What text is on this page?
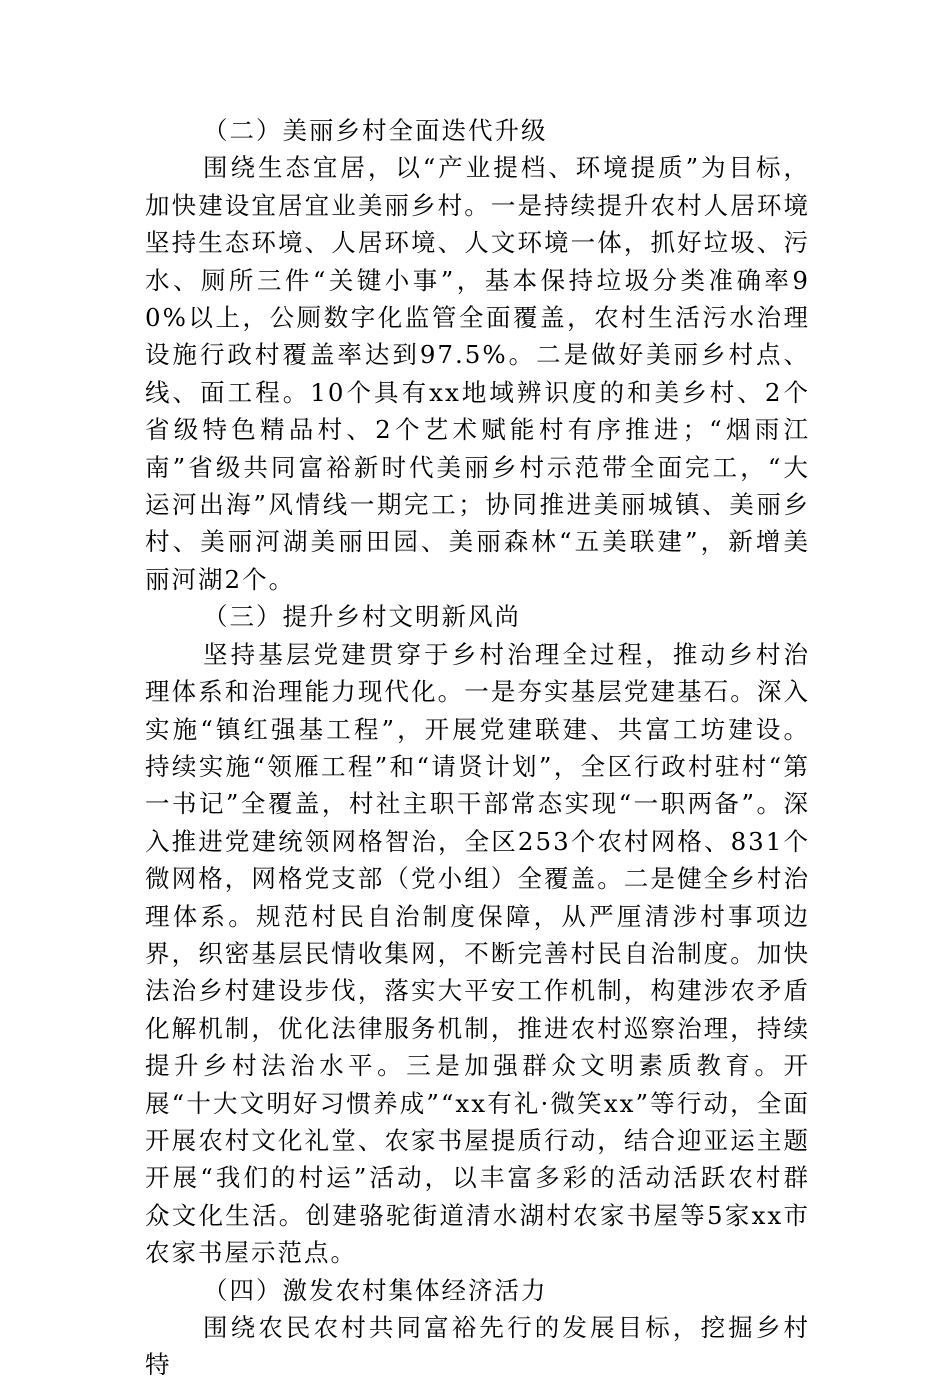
（二）美丽乡村全面迭代升级

围绕生态宜居，以“产业提档、环境提质”为目标，加快建设宜居宜业美丽乡村。一是持续提升农村人居环境坚持生态环境、人居环境、人文环境一体，抓好垃圾、污水、厕所三件“关键小事”，基本保持垃圾分类准确率90%以上，公厕数字化监管全面覆盖，农村生活污水治理设施行政村覆盖率达到97.5%。二是做好美丽乡村点、线、面工程。10个具有xx地域辨识度的和美乡村、2个省级特色精品村、2个艺术赋能村有序推进；“烟雨江南”省级共同富裕新时代美丽乡村示范带全面完工，“大运河出海”风情线一期完工；协同推进美丽城镇、美丽乡村、美丽河湖美丽田园、美丽森林“五美联建”，新增美丽河湖2个。

（三）提升乡村文明新风尚

坚持基层党建贯穿于乡村治理全过程，推动乡村治理体系和治理能力现代化。一是夯实基层党建基石。深入实施“镇红强基工程”，开展党建联建、共富工坊建设。持续实施“领雁工程”和“请贤计划”，全区行政村驻村“第一书记”全覆盖，村社主职干部常态实现“一职两备”。深入推进党建统领网格智治，全区253个农村网格、831个微网格，网格党支部（党小组）全覆盖。二是健全乡村治理体系。规范村民自治制度保障，从严厘清涉村事项边界，织密基层民情收集网，不断完善村民自治制度。加快法治乡村建设步伐，落实大平安工作机制，构建涉农矛盾化解机制，优化法律服务机制，推进农村巡察治理，持续提升乡村法治水平。三是加强群众文明素质教育。开展“十大文明好习惯养成”“xx有礼·微笑xx”等行动，全面开展农村文化礼堂、农家书屋提质行动，结合迎亚运主题开展“我们的村运”活动，以丰富多彩的活动活跃农村群众文化生活。创建骆驼街道清水湖村农家书屋等5家xx市农家书屋示范点。

（四）激发农村集体经济活力

围绕农民农村共同富裕先行的发展目标，挖掘乡村特
